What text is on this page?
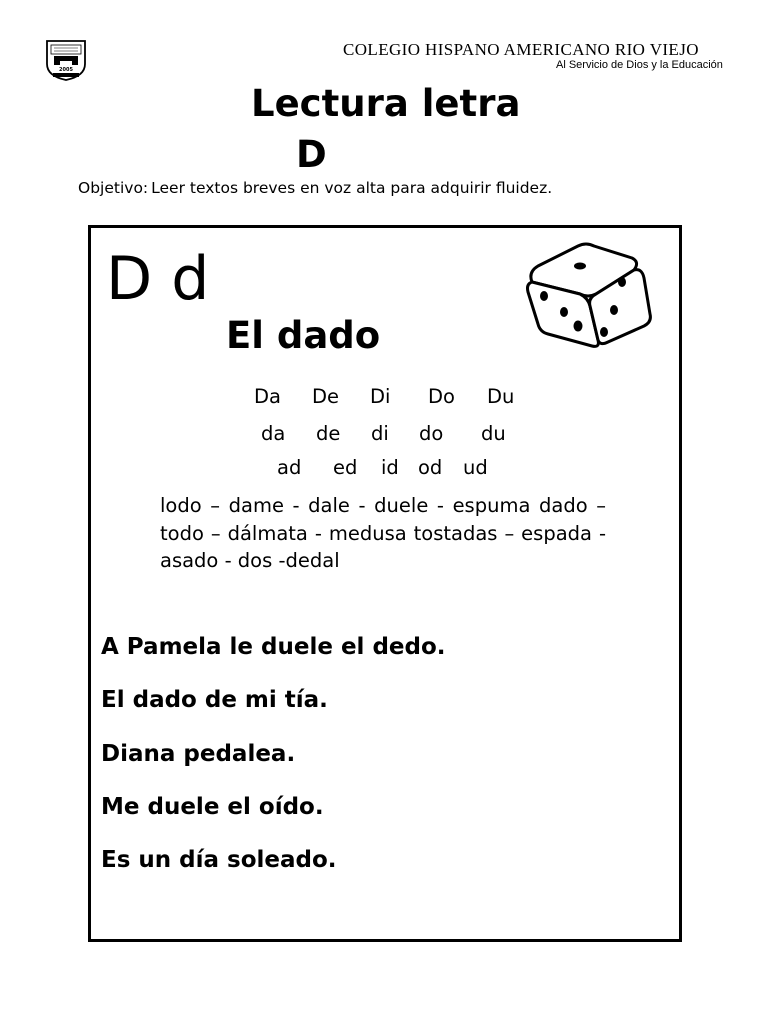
2005
COLEGIO HISPANO AMERICANO RIO VIEJO
Al Servicio de Dios y la Educación
Lectura letra
D
Objetivo: Leer textos breves en voz alta para adquirir fluidez.
D d
El dado
Da De Di Do Du
da de di do du
ad ed id od ud
lodo – dame - dale - duele - espuma dado – todo – dálmata - medusa tostadas – espada - asado - dos -dedal
A Pamela le duele el dedo.
El dado de mi tía.
Diana pedalea.
Me duele el oído.
Es un día soleado.
